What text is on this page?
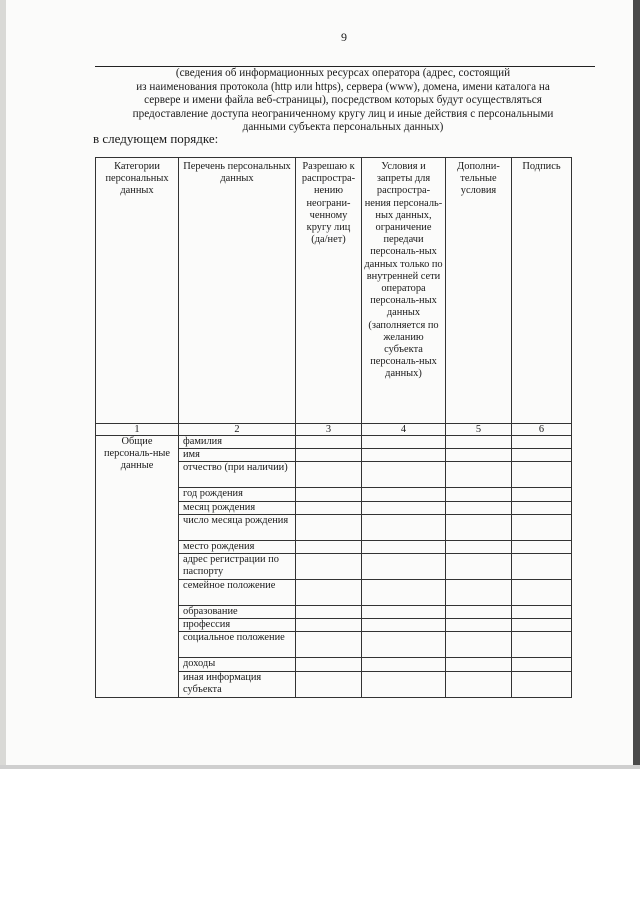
9
(сведения об информационных ресурсах оператора (адрес, состоящий
из наименования протокола (http или https), сервера (www), домена, имени каталога на
сервере и имени файла веб-страницы), посредством которых будут осуществляться
предоставление доступа неограниченному кругу лиц и иные действия с персональными
данными субъекта персональных данных)
в следующем порядке:
Категории персональных данных	Перечень персональных данных	Разрешаю к распростра-нению неограни-ченному кругу лиц (да/нет)	Условия и запреты для распростра-нения персональ-ных данных, ограничение передачи персональ-ных данных только по внутренней сети оператора персональ-ных данных (заполняется по желанию субъекта персональ-ных данных)	Дополни-тельные условия	Подпись
1	2	3	4	5	6
Общие персональ-ные данные	фамилия				
	имя				
	отчество (при наличии)				
	год рождения				
	месяц рождения				
	число месяца рождения				
	место рождения				
	адрес регистрации по паспорту				
	семейное положение				
	образование				
	профессия				
	социальное положение				
	доходы				
	иная информация субъекта				
